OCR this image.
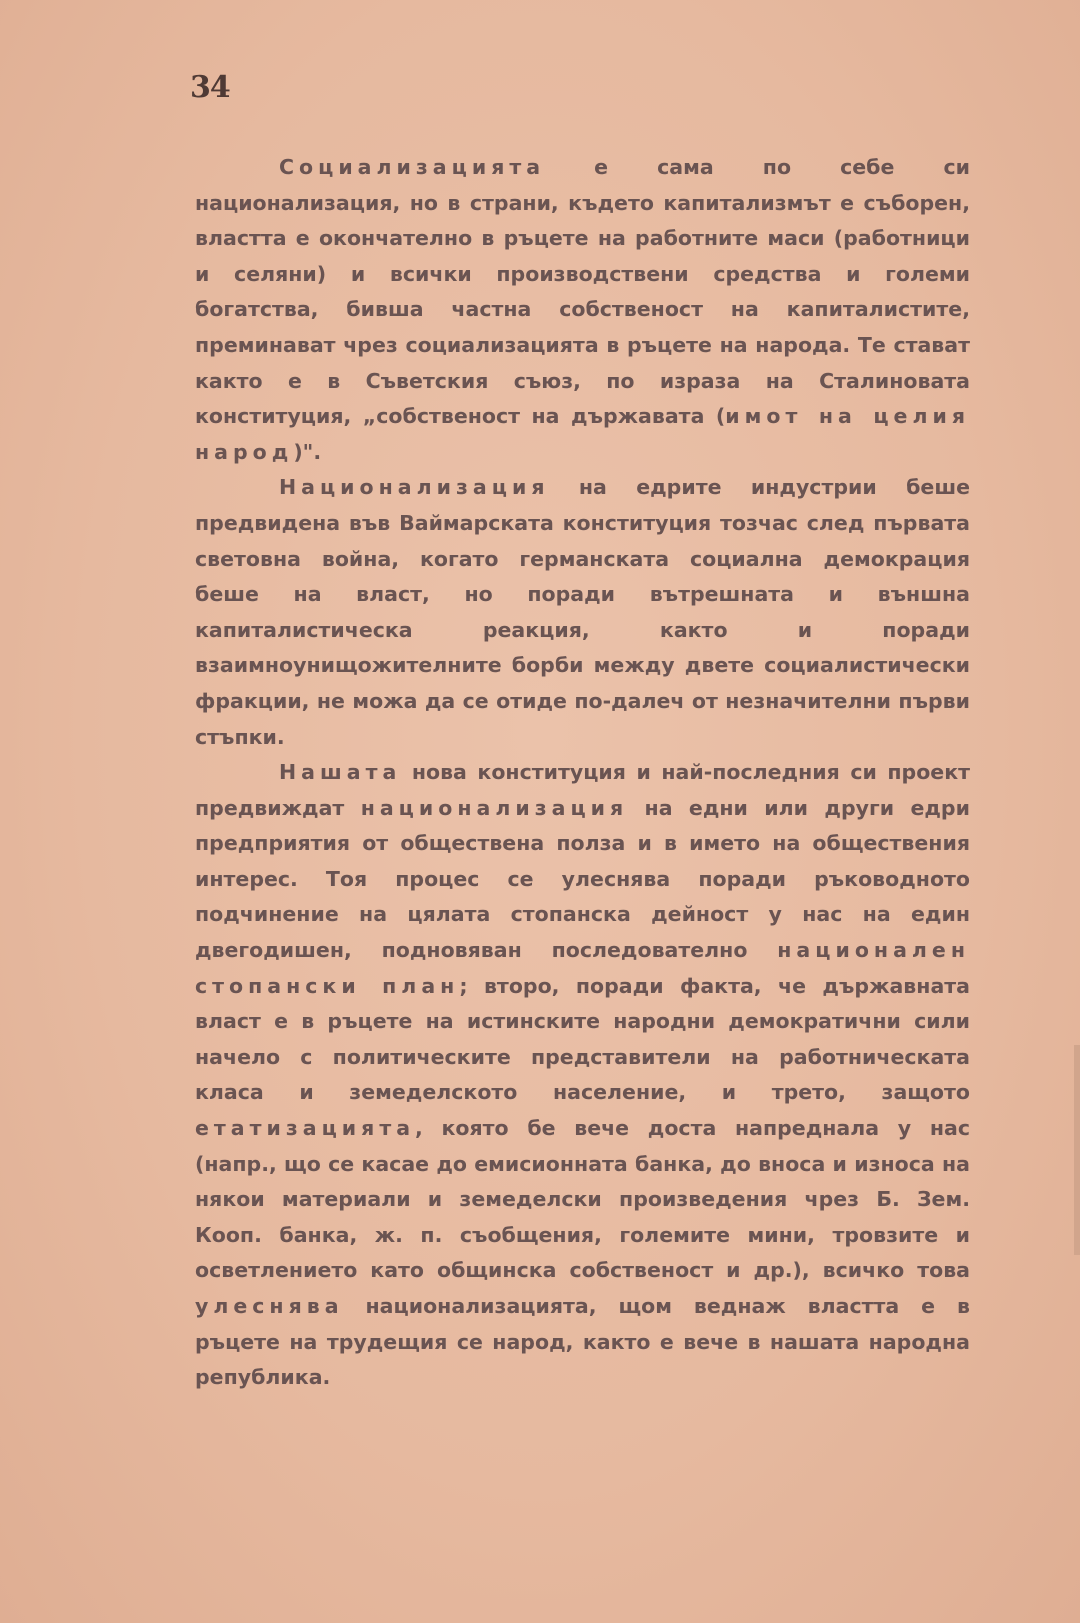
34

Социализацията е сама по себе си национализация, но в страни, където капитализмът е съборен, властта е окончателно в ръцете на работните маси (работници и селяни) и всички производствени средства и големи богатства, бивша частна собственост на капиталистите, преминават чрез социализацията в ръцете на народа. Те стават както е в Съветския съюз, по израза на Сталиновата конституция, „собственост на държавата (имот на целия народ)".

Национализация на едрите индустрии беше предвидена във Ваймарската конституция тозчас след първата световна война, когато германската социална демокрация беше на власт, но поради вътрешната и външна капиталистическа реакция, както и поради взаимноунищожителните борби между двете социалистически фракции, не можа да се отиде по-далеч от незначителни първи стъпки.

Нашата нова конституция и най-последния си проект предвиждат национализация на едни или други едри предприятия от обществена полза и в името на обществения интерес. Тоя процес се улеснява поради ръководното подчинение на цялата стопанска дейност у нас на един двегодишен, подновяван последователно национален стопански план; второ, поради факта, че държавната власт е в ръцете на истинските народни демократични сили начело с политическите представители на работническата класа и земеделското население, и трето, защото етатизацията, която бе вече доста напреднала у нас (напр., що се касае до емисионната банка, до вноса и износа на някои материали и земеделски произведения чрез Б. Зем. Кооп. банка, ж. п. съобщения, големите мини, тровзите и осветлението като общинска собственост и др.), всичко това улеснява национализацията, щом веднаж властта е в ръцете на трудещия се народ, както е вече в нашата народна република.
